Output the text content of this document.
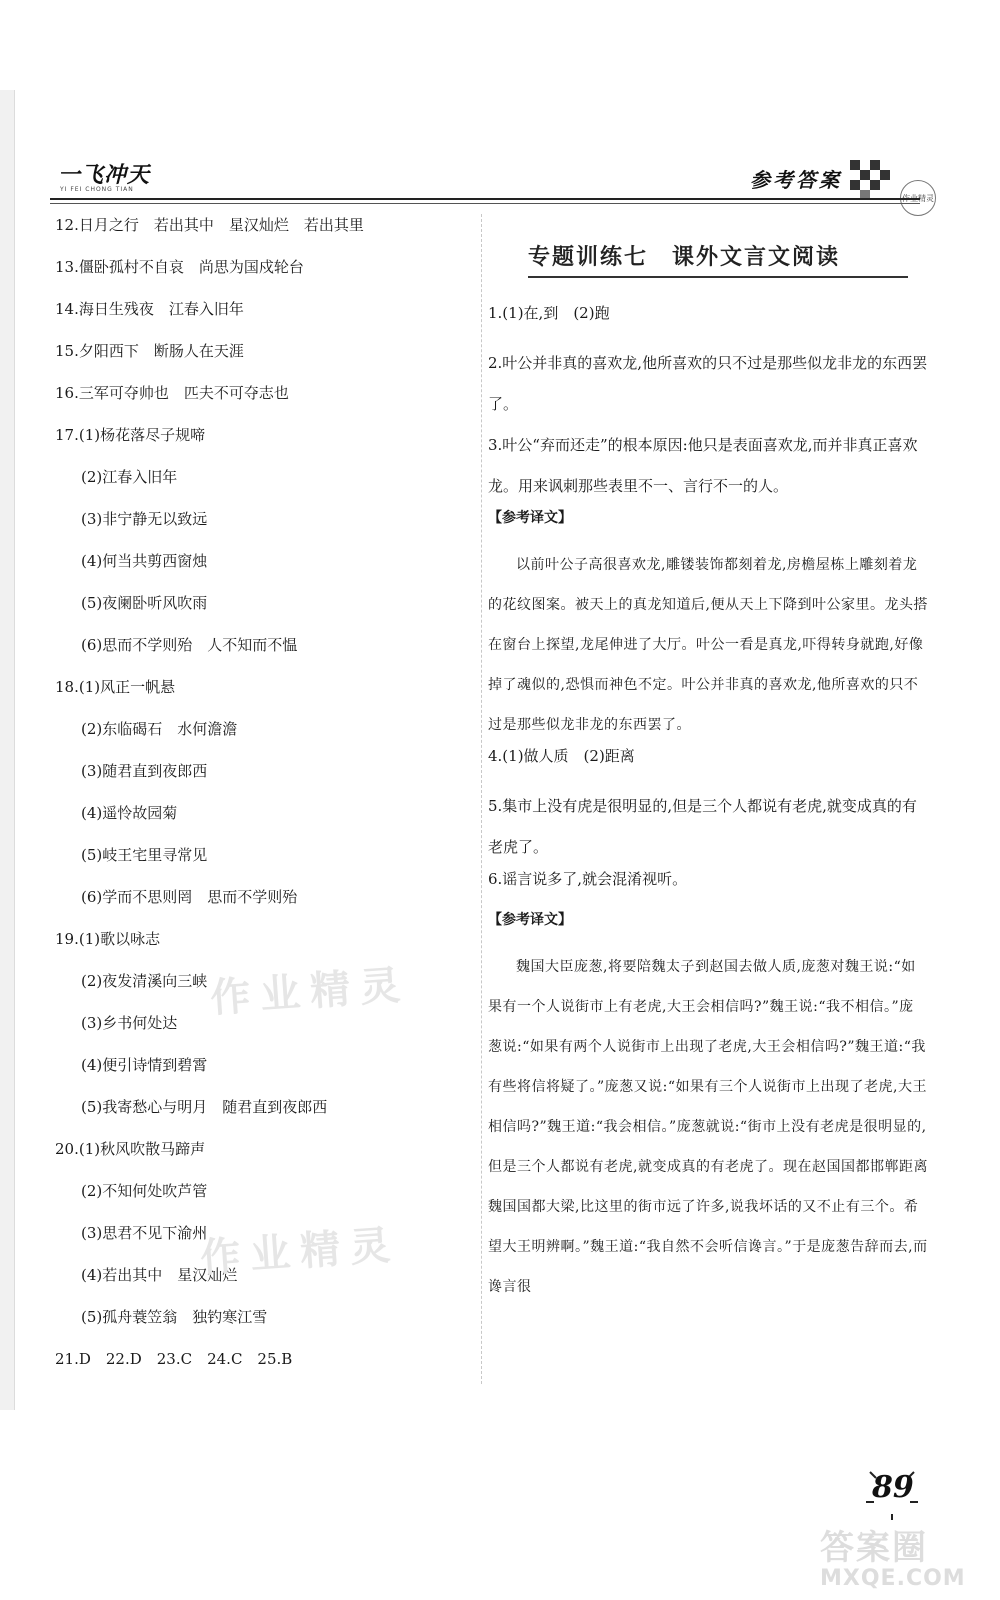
一飞冲天
YI FEI CHONG TIAN	参考答案
作业精灵
12.日月之行　若出其中　星汉灿烂　若出其里
13.僵卧孤村不自哀　尚思为国戍轮台
14.海日生残夜　江春入旧年
15.夕阳西下　断肠人在天涯
16.三军可夺帅也　匹夫不可夺志也
17.(1)杨花落尽子规啼
(2)江春入旧年
(3)非宁静无以致远
(4)何当共剪西窗烛
(5)夜阑卧听风吹雨
(6)思而不学则殆　人不知而不愠
18.(1)风正一帆悬
(2)东临碣石　水何澹澹
(3)随君直到夜郎西
(4)遥怜故园菊
(5)岐王宅里寻常见
(6)学而不思则罔　思而不学则殆
19.(1)歌以咏志
(2)夜发清溪向三峡
(3)乡书何处达
(4)便引诗情到碧霄
(5)我寄愁心与明月　随君直到夜郎西
20.(1)秋风吹散马蹄声
(2)不知何处吹芦管
(3)思君不见下渝州
(4)若出其中　星汉灿烂
(5)孤舟蓑笠翁　独钓寒江雪
21.D　22.D　23.C　24.C　25.B
专题训练七　课外文言文阅读
1.(1)在,到　(2)跑
2.叶公并非真的喜欢龙,他所喜欢的只不过是那些似龙非龙的东西罢了。
3.叶公“弃而还走”的根本原因:他只是表面喜欢龙,而并非真正喜欢龙。用来讽刺那些表里不一、言行不一的人。
【参考译文】
以前叶公子高很喜欢龙,雕镂装饰都刻着龙,房檐屋栋上雕刻着龙的花纹图案。被天上的真龙知道后,便从天上下降到叶公家里。龙头搭在窗台上探望,龙尾伸进了大厅。叶公一看是真龙,吓得转身就跑,好像掉了魂似的,恐惧而神色不定。叶公并非真的喜欢龙,他所喜欢的只不过是那些似龙非龙的东西罢了。
4.(1)做人质　(2)距离
5.集市上没有虎是很明显的,但是三个人都说有老虎,就变成真的有老虎了。
6.谣言说多了,就会混淆视听。
【参考译文】
魏国大臣庞葱,将要陪魏太子到赵国去做人质,庞葱对魏王说:“如果有一个人说街市上有老虎,大王会相信吗?”魏王说:“我不相信。”庞葱说:“如果有两个人说街市上出现了老虎,大王会相信吗?”魏王道:“我有些将信将疑了。”庞葱又说:“如果有三个人说街市上出现了老虎,大王相信吗?”魏王道:“我会相信。”庞葱就说:“街市上没有老虎是很明显的,但是三个人都说有老虎,就变成真的有老虎了。现在赵国国都邯郸距离魏国国都大梁,比这里的街市远了许多,说我坏话的又不止有三个。希望大王明辨啊。”魏王道:“我自然不会听信谗言。”于是庞葱告辞而去,而谗言很
作业精灵
作业精灵
89
答案圈
MXQE.COM
